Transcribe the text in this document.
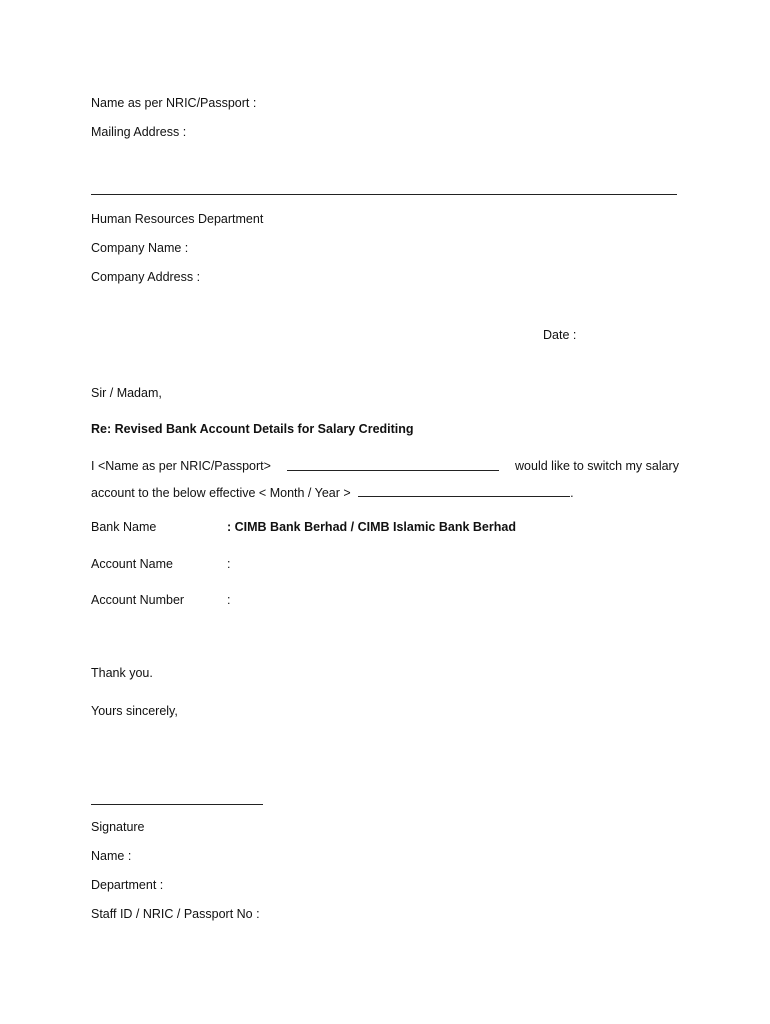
Name as per NRIC/Passport :
Mailing Address :
Human Resources Department
Company Name :
Company Address :
Date :
Sir / Madam,
Re: Revised Bank Account Details for Salary Crediting
I <Name as per NRIC/Passport>	would like to switch my salary
account to the below effective < Month / Year >	.
Bank Name	: CIMB Bank Berhad / CIMB Islamic Bank Berhad
Account Name	:
Account Number	:
Thank you.
Yours sincerely,
Signature
Name :
Department :
Staff ID / NRIC / Passport No :
